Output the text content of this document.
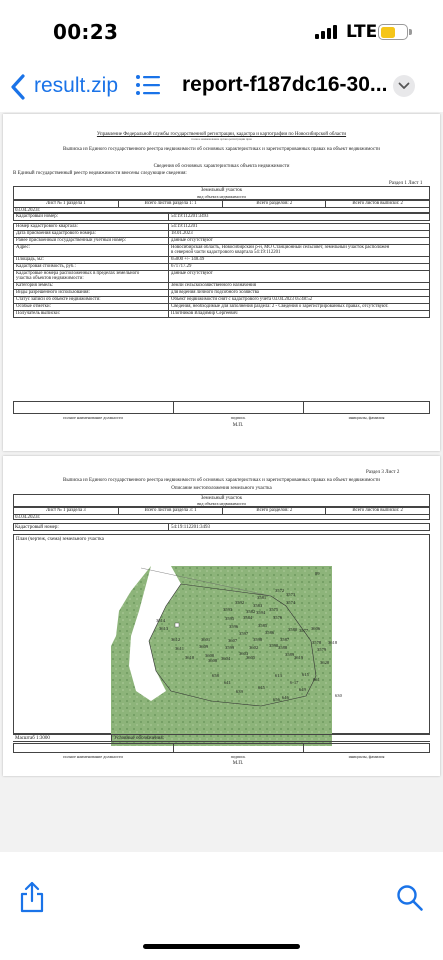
00:23	LTE
result.zip	report-f187dc16-30...
Управление Федеральной службы государственной регистрации, кадастра и картографии по Новосибирской области
полное наименование органа регистрации прав
Выписка из Единого государственного реестра недвижимости об основных характеристиках и зарегистрированных правах на объект недвижимости
Сведения об основных характеристиках объекта недвижимости
В Единый государственный реестр недвижимости внесены следующие сведения:
Раздел 1 Лист 1
Земельный участок
вид объекта недвижимости
Лист № 1 раздела 1	Всего листов раздела 1: 1	Всего разделов: 2	Всего листов выписки: 2
03.04.2023г.
Кадастровый номер:	54:19:112201:3493

Номер кадастрового квартала:	54:19:112201
Дата присвоения кадастрового номера:	18.01.2023
Ранее присвоенный государственный учетный номер:	данные отсутствуют
Адрес:	Новосибирская область, Новосибирский р-н, МО Станционный сельсовет, земельный участок расположен
в северной части кадастрового квартала 54:19:112201
Площадь, м2:	65000 +/- 148.49
Кадастровая стоимость, руб.:	671717.29
Кадастровые номера расположенных в пределах земельного
участка объектов недвижимости:	данные отсутствуют
Категория земель:	Земли сельскохозяйственного назначения
Виды разрешенного использования:	для ведения личного подсобного хозяйства
Статус записи об объекте недвижимости:	Объект недвижимости снят с кадастрового учета 03.04.2023 05:48:52
Особые отметки:	Сведения, необходимые для заполнения раздела: 2 - Сведения о зарегистрированных правах, отсутствуют.
Получатель выписки:	Плотников Владимир Сергеевич
полное наименование должности	подпись	инициалы, фамилия
М.П.
Раздел 3 Лист 2
Выписка из Единого государственного реестра недвижимости об основных характеристиках и зарегистрированных правах на объект недвижимости
Описание местоположения земельного участка
Земельный участок
вид объекта недвижимости
Лист № 1 раздела 3	Всего листов раздела 3: 1	Всего разделов: 2	Всего листов выписки: 2
03.04.2023г.
Кадастровый номер:	54:19:112201:3493
План (чертеж, схема) земельного участка
89
3572
3573
3581
3574
3592
3583
3593	3582	3575
3584
3595	3576
3596	3585
3606
3614
3597	3586	3577
3607	3598	3587
3578 3618
3613
3601
3599	3588	3579
3602
3600	3589
3612
3603
3611	3609
3604
3610
3620
3608
3605
658	613	615
641	6-17
661
645	649
646
639
656
630
3580
3590
3594
3619
Масштаб 1:3000	Условные обозначения:
полное наименование должности	подпись	инициалы, фамилия
М.П.
